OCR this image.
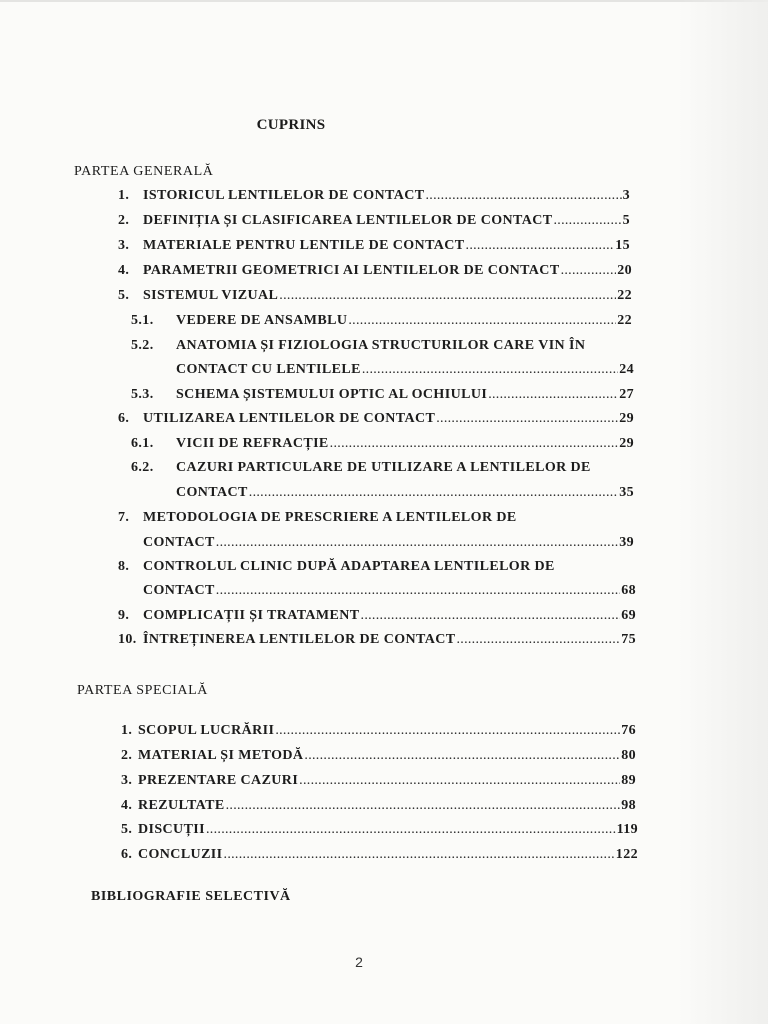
CUPRINS
PARTEA GENERALĂ
1. ISTORICUL LENTILELOR DE CONTACT .....	3
2. DEFINIȚIA ȘI CLASIFICAREA LENTILELOR DE CONTACT .....	5
3. MATERIALE PENTRU LENTILE DE CONTACT .....	15
4. PARAMETRII GEOMETRICI AI LENTILELOR DE CONTACT .....	20
5. SISTEMUL VIZUAL .....	22
5.1.	VEDERE DE ANSAMBLU .....	22
5.2.	ANATOMIA ȘI FIZIOLOGIA STRUCTURILOR CARE VIN ÎN
CONTACT CU LENTILELE .....	24
5.3.	SCHEMA ȘISTEMULUI OPTIC AL OCHIULUI .....	27
6. UTILIZAREA LENTILELOR DE CONTACT .....	29
6.1.	VICII DE REFRACȚIE .....	29
6.2.	CAZURI PARTICULARE DE UTILIZARE A LENTILELOR DE
CONTACT .....	35
7. METODOLOGIA DE PRESCRIERE A LENTILELOR DE
CONTACT .....	39
8. CONTROLUL CLINIC DUPĂ ADAPTAREA LENTILELOR DE
CONTACT .....	68
9. COMPLICAȚII ȘI TRATAMENT .....	69
10. ÎNTREȚINEREA LENTILELOR DE CONTACT .....	75
PARTEA SPECIALĂ
1. SCOPUL LUCRĂRII .....	76
2. MATERIAL ȘI METODĂ .....	80
3. PREZENTARE CAZURI .....	89
4. REZULTATE .....	98
5. DISCUȚII .....	119
6. CONCLUZII .....	122
BIBLIOGRAFIE SELECTIVĂ
2
